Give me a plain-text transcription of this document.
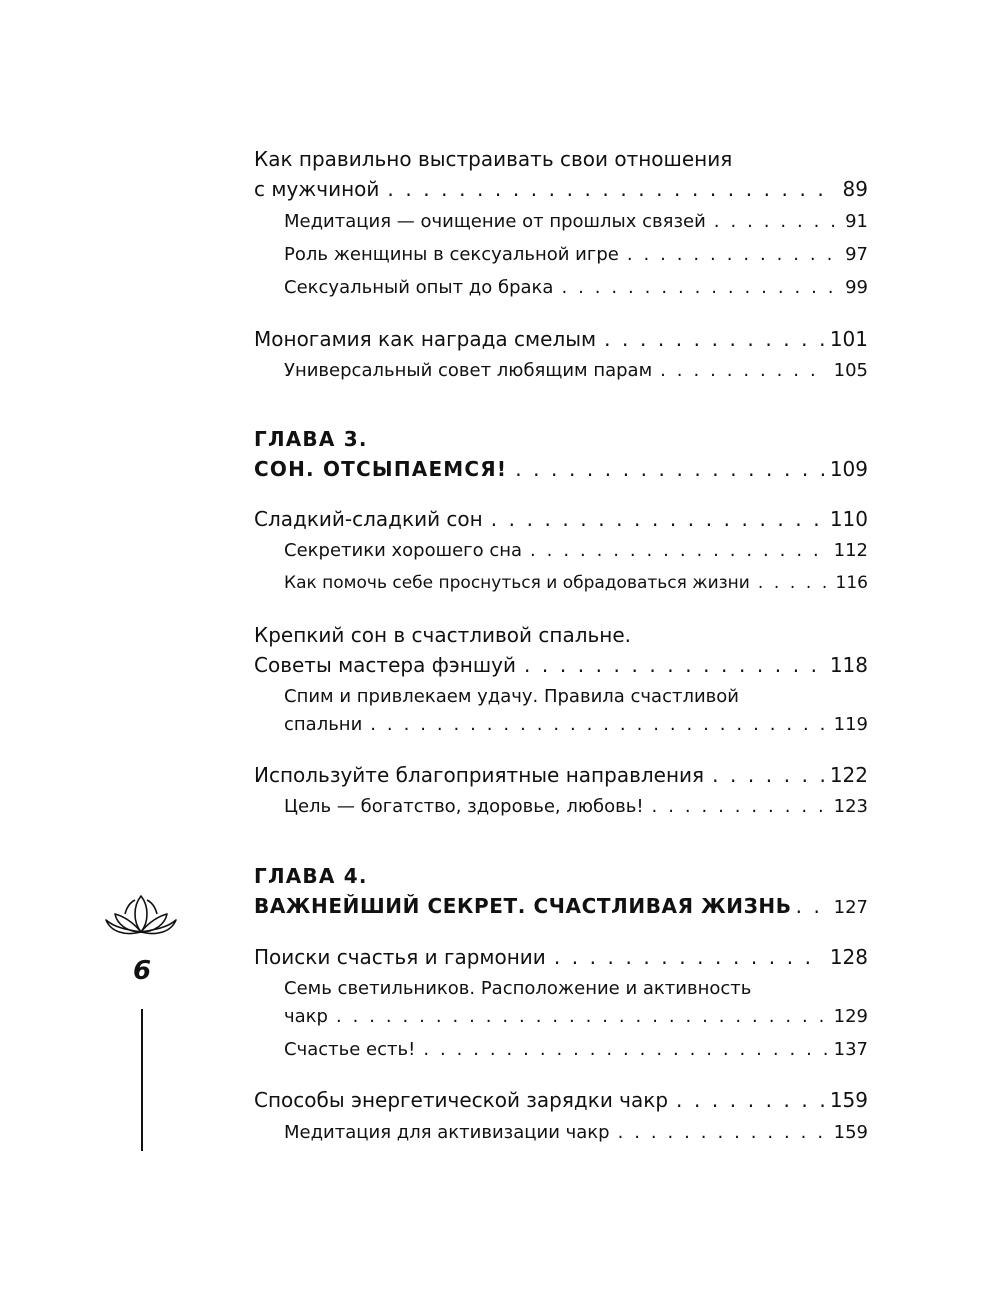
Как правильно выстраивать свои отношения
с мужчиной . . .	89
Медитация — очищение от прошлых связей . . .	91
Роль женщины в сексуальной игре . . .	97
Сексуальный опыт до брака . . .	99
Моногамия как награда смелым . . .	101
Универсальный совет любящим парам . . .	105
ГЛАВА 3.
СОН. ОТСЫПАЕМСЯ! . . .	109
Сладкий-сладкий сон . . .	110
Секретики хорошего сна . . .	112
Как помочь себе проснуться и обрадоваться жизни . . .	116
Крепкий сон в счастливой спальне.
Советы мастера фэншуй . . .	118
Спим и привлекаем удачу. Правила счастливой
спальни . . .	119
Используйте благоприятные направления . . .	122
Цель — богатство, здоровье, любовь! . . .	123
ГЛАВА 4.
ВАЖНЕЙШИЙ СЕКРЕТ. СЧАСТЛИВАЯ ЖИЗНЬ . . . 127
Поиски счастья и гармонии . . .	128
Семь светильников. Расположение и активность
чакр . . .	129
Счастье есть! . . .	137
Способы энергетической зарядки чакр . . .	159
Медитация для активизации чакр . . .	159
6
